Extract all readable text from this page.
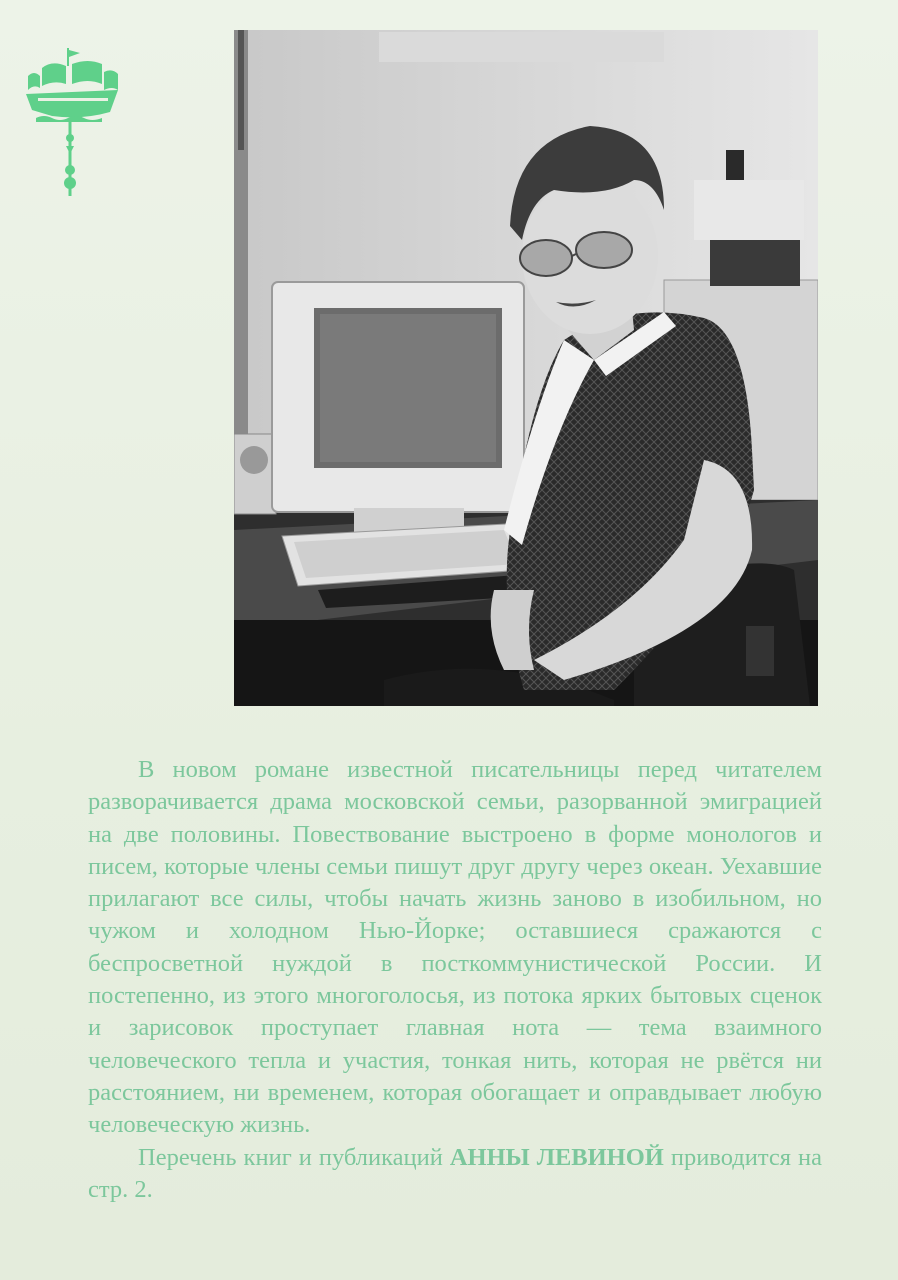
В новом романе известной писательницы перед читателем разворачивается драма московской семьи, разорванной эмиграцией на две половины. Повествование выстроено в форме монологов и писем, которые члены семьи пишут друг другу через океан. Уехавшие прилагают все силы, чтобы начать жизнь заново в изобильном, но чужом и холодном Нью-Йорке; оставшиеся сражаются с беспросветной нуждой в посткоммунистической России. И постепенно, из этого многоголосья, из потока ярких бытовых сценок и зарисовок проступает главная нота — тема взаимного человеческого тепла и участия, тонкая нить, которая не рвётся ни расстоянием, ни временем, которая обогащает и оправдывает любую человеческую жизнь.

Перечень книг и публикаций АННЫ ЛЕВИНОЙ приводится на стр. 2.
